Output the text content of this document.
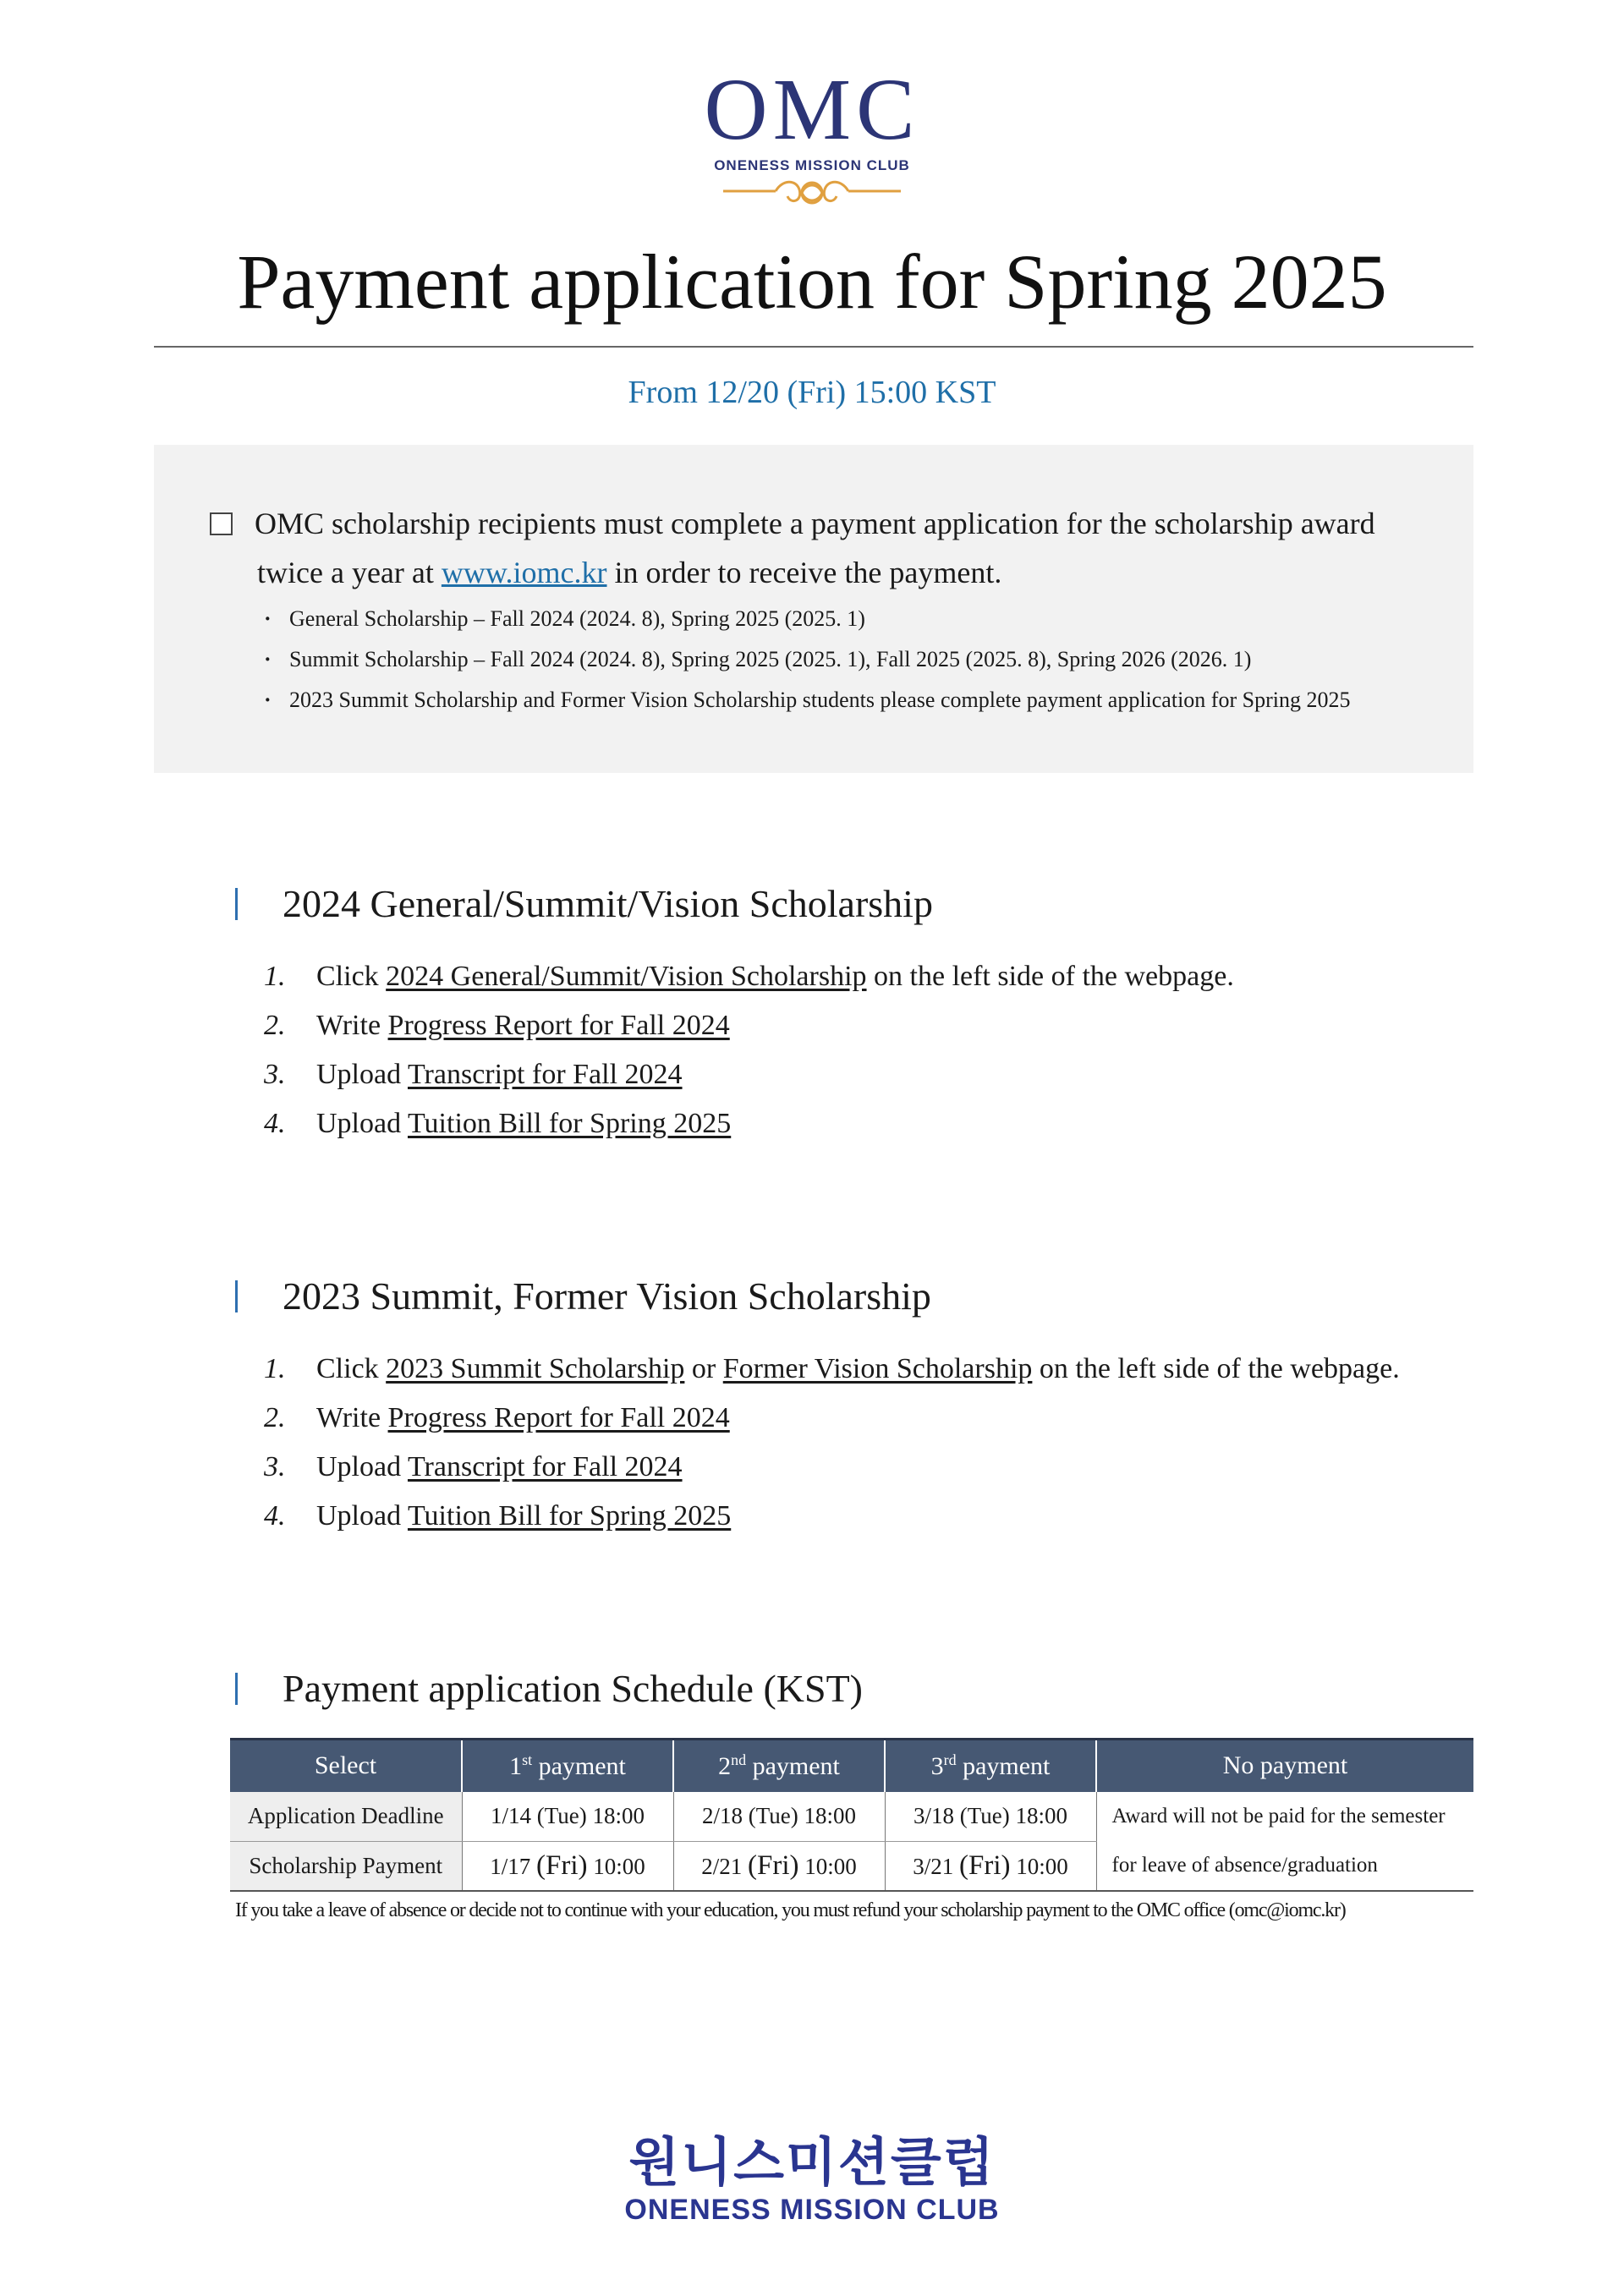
OMC
ONENESS MISSION CLUB
Payment application for Spring 2025
From 12/20 (Fri) 15:00 KST
OMC scholarship recipients must complete a payment application for the scholarship award
twice a year at www.iomc.kr in order to receive the payment.
· General Scholarship – Fall 2024 (2024. 8), Spring 2025 (2025. 1)
· Summit Scholarship – Fall 2024 (2024. 8), Spring 2025 (2025. 1), Fall 2025 (2025. 8), Spring 2026 (2026. 1)
· 2023 Summit Scholarship and Former Vision Scholarship students please complete payment application for Spring 2025
2024 General/Summit/Vision Scholarship
1. Click 2024 General/Summit/Vision Scholarship on the left side of the webpage.
2. Write Progress Report for Fall 2024
3. Upload Transcript for Fall 2024
4. Upload Tuition Bill for Spring 2025
2023 Summit, Former Vision Scholarship
1. Click 2023 Summit Scholarship or Former Vision Scholarship on the left side of the webpage.
2. Write Progress Report for Fall 2024
3. Upload Transcript for Fall 2024
4. Upload Tuition Bill for Spring 2025
Payment application Schedule (KST)
Select	1st payment	2nd payment	3rd payment	No payment
Application Deadline	1/14 (Tue) 18:00	2/18 (Tue) 18:00	3/18 (Tue) 18:00	Award will not be paid for the semester
for leave of absence/graduation

Scholarship Payment	1/17 (Fri) 10:00	2/21 (Fri) 10:00	3/21 (Fri) 10:00	
If you take a leave of absence or decide not to continue with your education, you must refund your scholarship payment to the OMC office (omc@iomc.kr)
원니스미션클럽
ONENESS MISSION CLUB
